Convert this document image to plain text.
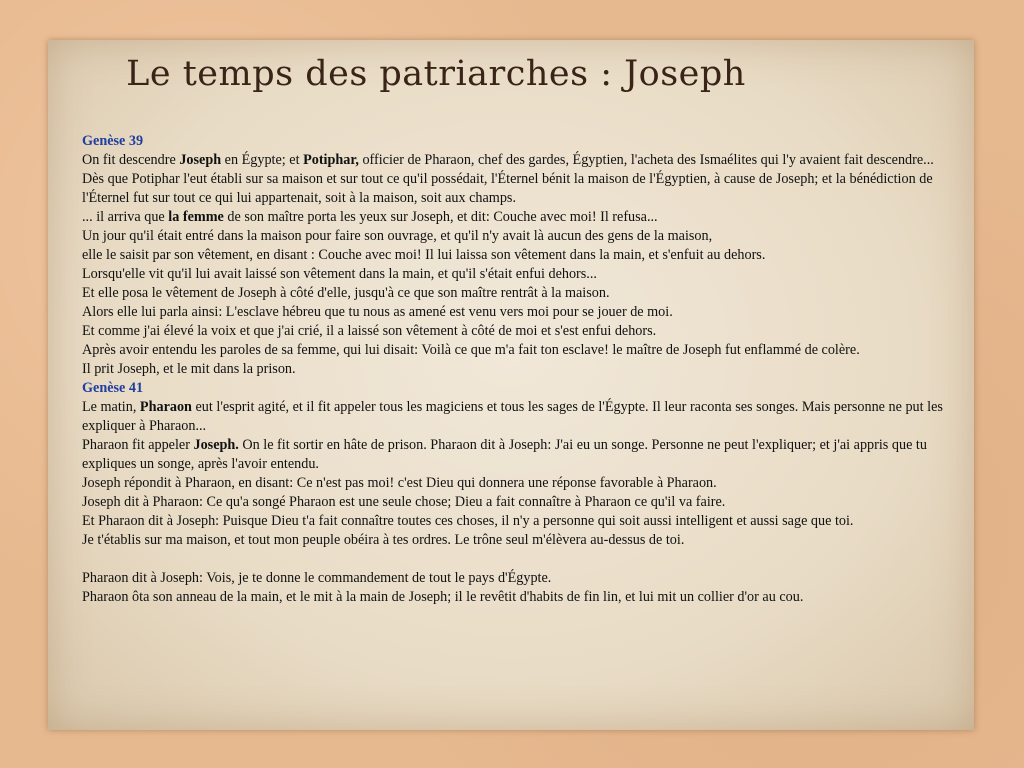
Le temps des patriarches : Joseph

Genèse 39

On fit descendre Joseph en Égypte; et Potiphar, officier de Pharaon, chef des gardes, Égyptien, l'acheta des Ismaélites qui l'y avaient fait descendre...

Dès que Potiphar l'eut établi sur sa maison et sur tout ce qu'il possédait, l'Éternel bénit la maison de l'Égyptien, à cause de Joseph; et la bénédiction de l'Éternel fut sur tout ce qui lui appartenait, soit à la maison, soit aux champs.

... il arriva que la femme de son maître porta les yeux sur Joseph, et dit: Couche avec moi! Il refusa...

Un jour qu'il était entré dans la maison pour faire son ouvrage, et qu'il n'y avait là aucun des gens de la maison,

elle le saisit par son vêtement, en disant : Couche avec moi! Il lui laissa son vêtement dans la main, et s'enfuit au dehors.

Lorsqu'elle vit qu'il lui avait laissé son vêtement dans la main, et qu'il s'était enfui dehors...

Et elle posa le vêtement de Joseph à côté d'elle, jusqu'à ce que son maître rentrât à la maison.

Alors elle lui parla ainsi: L'esclave hébreu que tu nous as amené est venu vers moi pour se jouer de moi.

Et comme j'ai élevé la voix et que j'ai crié, il a laissé son vêtement à côté de moi et s'est enfui dehors.

Après avoir entendu les paroles de sa femme, qui lui disait: Voilà ce que m'a fait ton esclave! le maître de Joseph fut enflammé de colère.

Il prit Joseph, et le mit dans la prison.

Genèse 41

Le matin, Pharaon eut l'esprit agité, et il fit appeler tous les magiciens et tous les sages de l'Égypte. Il leur raconta ses songes. Mais personne ne put les expliquer à Pharaon...

Pharaon fit appeler Joseph. On le fit sortir en hâte de prison. Pharaon dit à Joseph: J'ai eu un songe. Personne ne peut l'expliquer; et j'ai appris que tu expliques un songe, après l'avoir entendu.

Joseph répondit à Pharaon, en disant: Ce n'est pas moi! c'est Dieu qui donnera une réponse favorable à Pharaon.

Joseph dit à Pharaon: Ce qu'a songé Pharaon est une seule chose; Dieu a fait connaître à Pharaon ce qu'il va faire.

Et Pharaon dit à Joseph: Puisque Dieu t'a fait connaître toutes ces choses, il n'y a personne qui soit aussi intelligent et aussi sage que toi.

Je t'établis sur ma maison, et tout mon peuple obéira à tes ordres. Le trône seul m'élèvera au-dessus de toi.

Pharaon dit à Joseph: Vois, je te donne le commandement de tout le pays d'Égypte.

Pharaon ôta son anneau de la main, et le mit à la main de Joseph; il le revêtit d'habits de fin lin, et lui mit un collier d'or au cou.
